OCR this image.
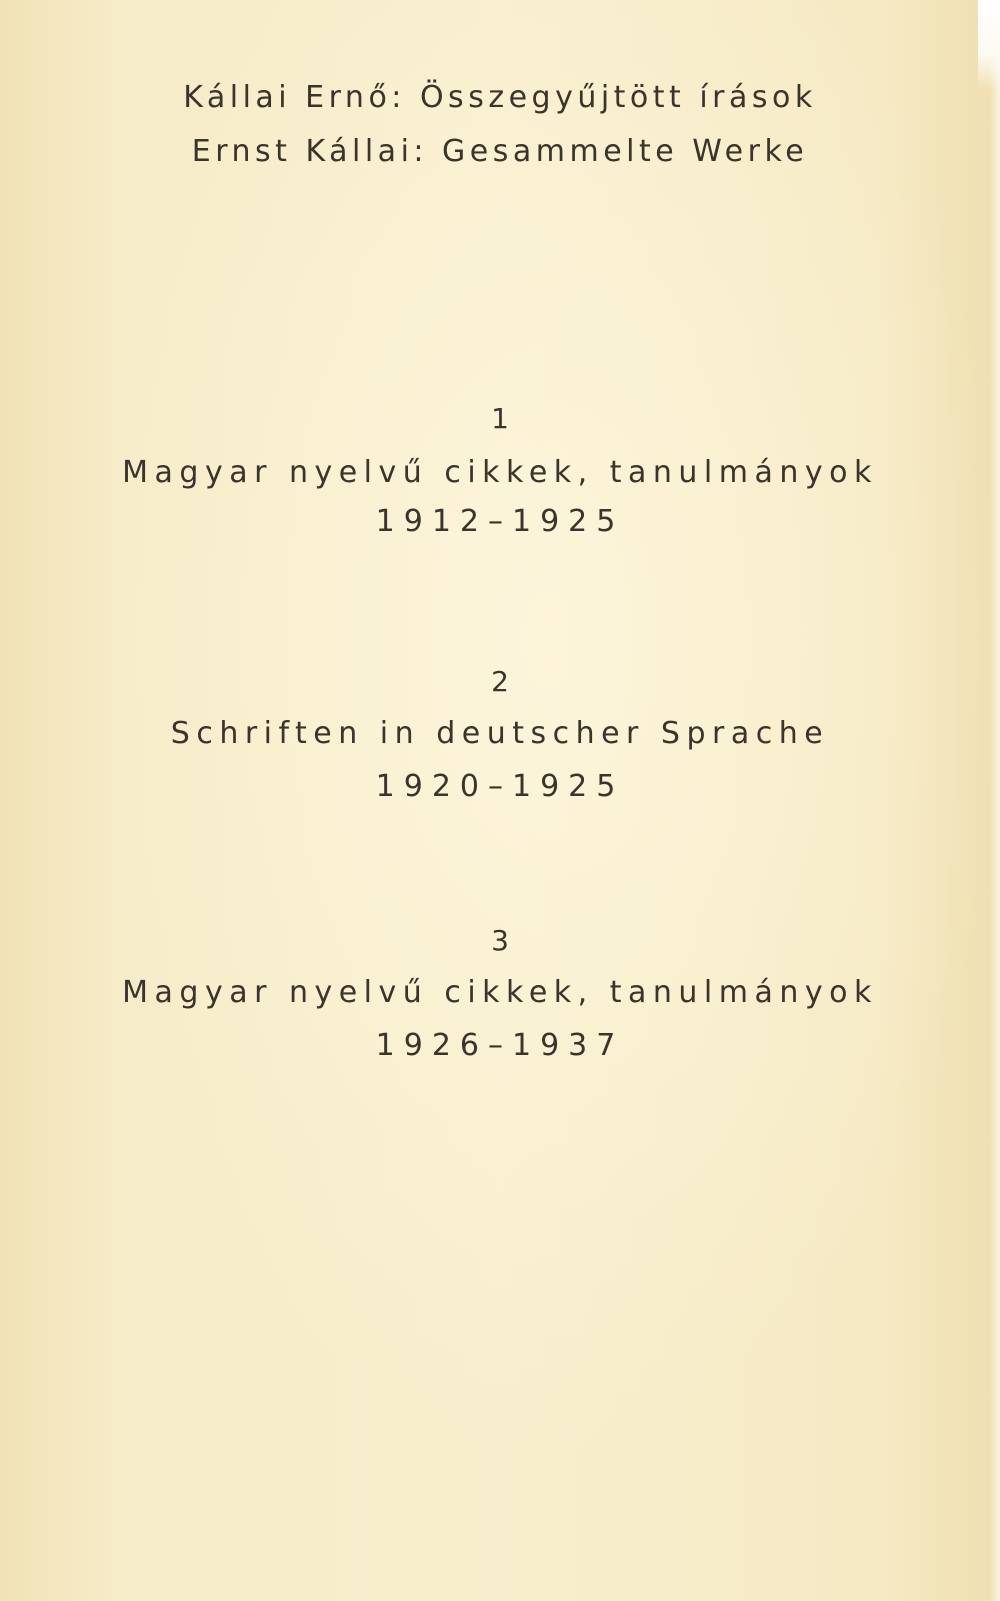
Kállai Ernő: Összegyűjtött írások
Ernst Kállai: Gesammelte Werke
1
Magyar nyelvű cikkek, tanulmányok
1912–1925
2
Schriften in deutscher Sprache
1920–1925
3
Magyar nyelvű cikkek, tanulmányok
1926–1937
